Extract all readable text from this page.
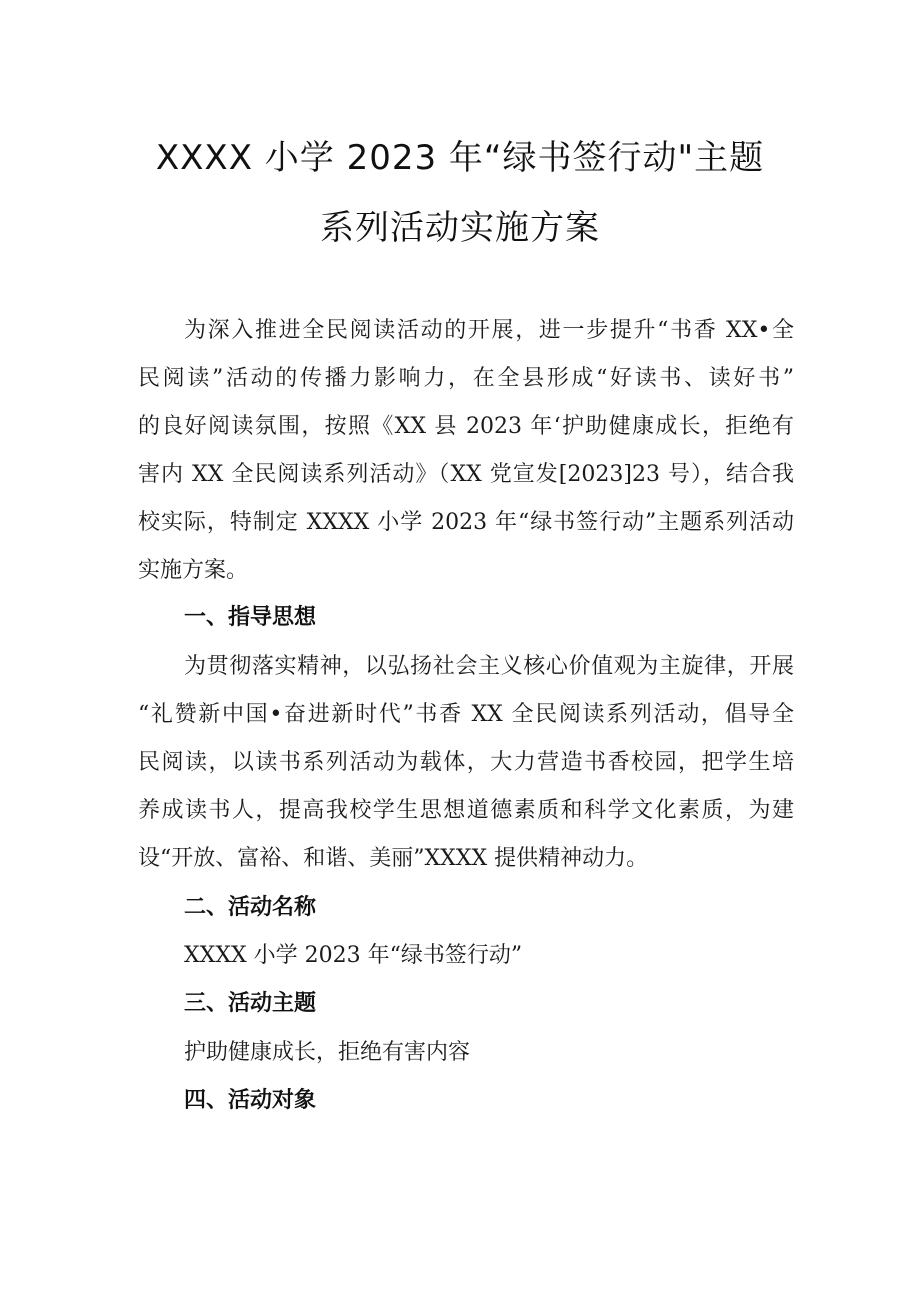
XXXX 小学 2023 年“绿书签行动"主题
系列活动实施方案
为深入推进全民阅读活动的开展，进一步提升“书香 XX•全
民阅读”活动的传播力影响力，在全县形成“好读书、读好书”
的良好阅读氛围，按照《XX 县 2023 年‘护助健康成长，拒绝有
害内 XX 全民阅读系列活动》（XX 党宣发[2023]23 号），结合我
校实际，特制定 XXXX 小学 2023 年“绿书签行动”主题系列活动
实施方案。
一、指导思想
为贯彻落实精神，以弘扬社会主义核心价值观为主旋律，开展
“礼赞新中国•奋进新时代”书香 XX 全民阅读系列活动，倡导全
民阅读，以读书系列活动为载体，大力营造书香校园，把学生培
养成读书人，提高我校学生思想道德素质和科学文化素质，为建
设“开放、富裕、和谐、美丽”XXXX 提供精神动力。
二、活动名称
XXXX 小学 2023 年“绿书签行动”
三、活动主题
护助健康成长，拒绝有害内容
四、活动对象
